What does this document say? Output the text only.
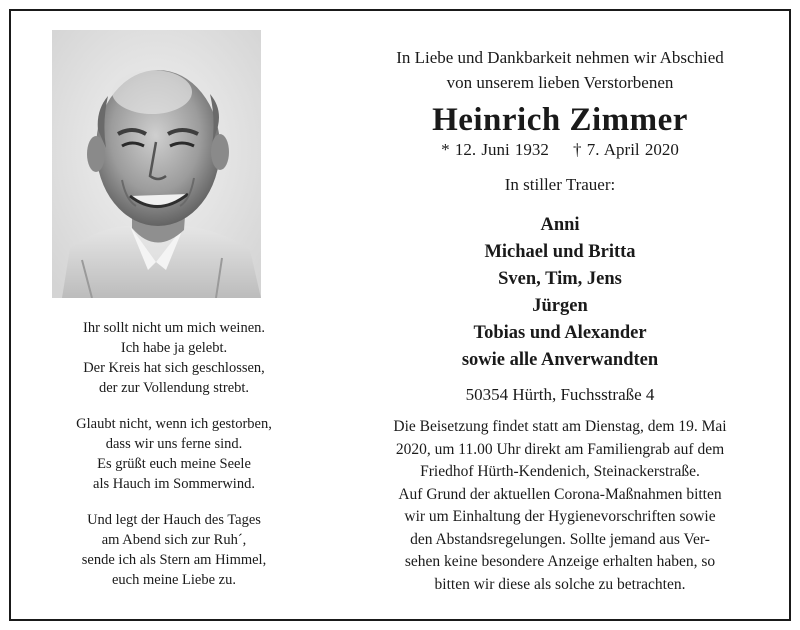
Ihr sollt nicht um mich weinen.
Ich habe ja gelebt.
Der Kreis hat sich geschlossen,
der zur Vollendung strebt.
Glaubt nicht, wenn ich gestorben,
dass wir uns ferne sind.
Es grüßt euch meine Seele
als Hauch im Sommerwind.
Und legt der Hauch des Tages
am Abend sich zur Ruh´,
sende ich als Stern am Himmel,
euch meine Liebe zu.
In Liebe und Dankbarkeit nehmen wir Abschied
von unserem lieben Verstorbenen
Heinrich Zimmer
* 12. Juni 1932 † 7. April 2020
In stiller Trauer:
Anni
Michael und Britta
Sven, Tim, Jens
Jürgen
Tobias und Alexander
sowie alle Anverwandten
50354 Hürth, Fuchsstraße 4
Die Beisetzung findet statt am Dienstag, dem 19. Mai
2020, um 11.00 Uhr direkt am Familiengrab auf dem
Friedhof Hürth-Kendenich, Steinackerstraße.
Auf Grund der aktuellen Corona-Maßnahmen bitten
wir um Einhaltung der Hygienevorschriften sowie
den Abstandsregelungen. Sollte jemand aus Ver-
sehen keine besondere Anzeige erhalten haben, so
bitten wir diese als solche zu betrachten.
